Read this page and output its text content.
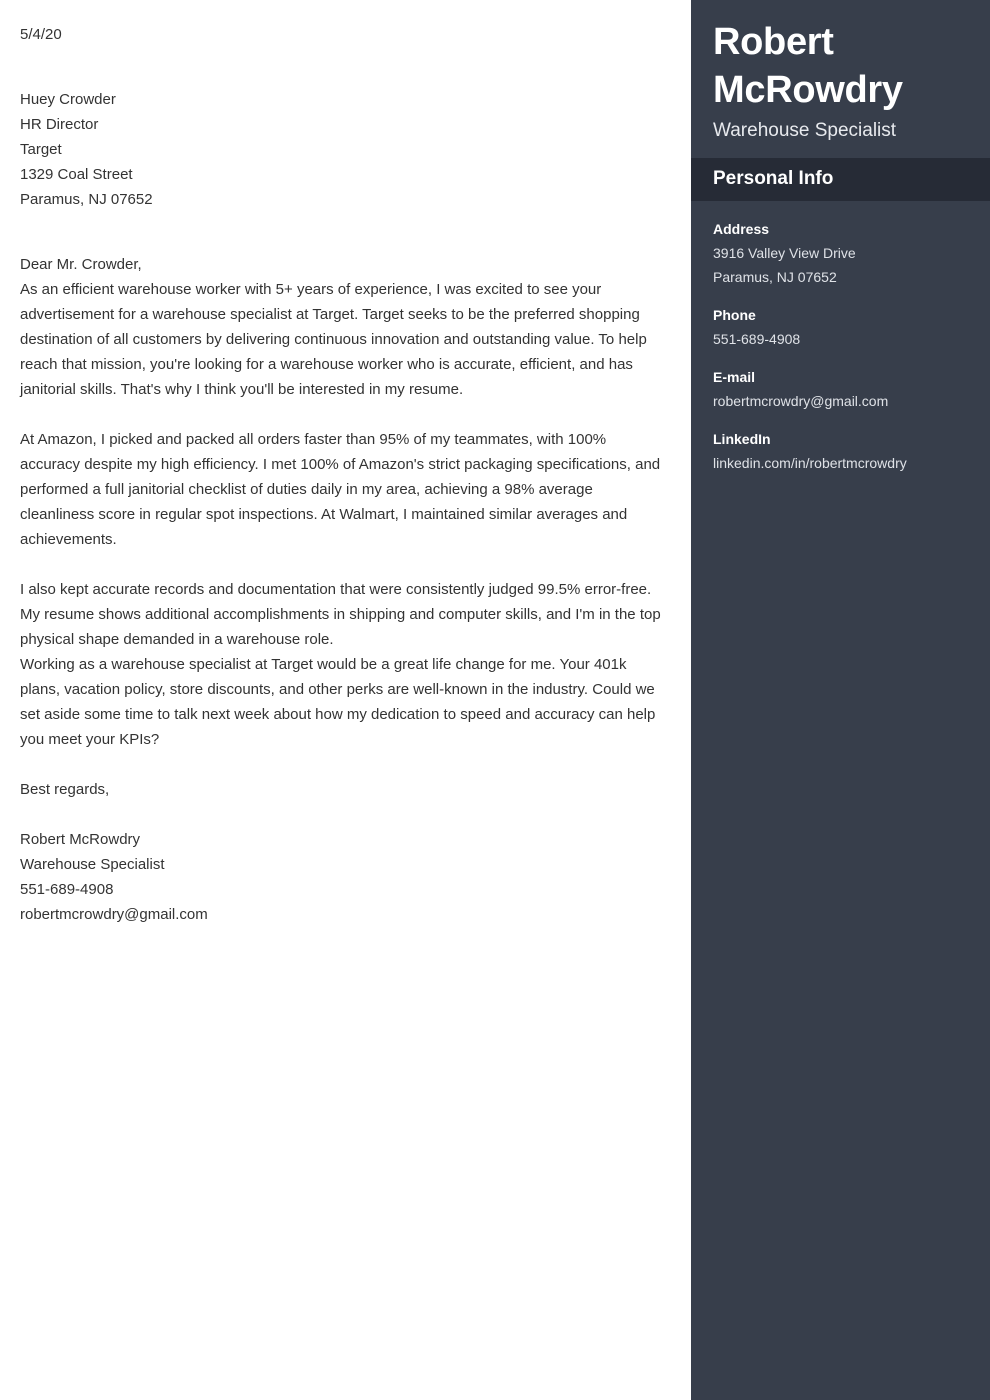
5/4/20
Huey Crowder
HR Director
Target
1329 Coal Street
Paramus, NJ 07652
Dear Mr. Crowder,

As an efficient warehouse worker with 5+ years of experience, I was excited to see your advertisement for a warehouse specialist at Target. Target seeks to be the preferred shopping destination of all customers by delivering continuous innovation and outstanding value. To help reach that mission, you're looking for a warehouse worker who is accurate, efficient, and has janitorial skills. That's why I think you'll be interested in my resume.

At Amazon, I picked and packed all orders faster than 95% of my teammates, with 100% accuracy despite my high efficiency. I met 100% of Amazon's strict packaging specifications, and performed a full janitorial checklist of duties daily in my area, achieving a 98% average cleanliness score in regular spot inspections. At Walmart, I maintained similar averages and achievements.

I also kept accurate records and documentation that were consistently judged 99.5% error-free. My resume shows additional accomplishments in shipping and computer skills, and I'm in the top physical shape demanded in a warehouse role.

Working as a warehouse specialist at Target would be a great life change for me. Your 401k plans, vacation policy, store discounts, and other perks are well-known in the industry. Could we set aside some time to talk next week about how my dedication to speed and accuracy can help you meet your KPIs?

Best regards,
Robert McRowdry
Warehouse Specialist
551-689-4908
robertmcrowdry@gmail.com
Robert McRowdry
Warehouse Specialist
Personal Info
Address
3916 Valley View Drive
Paramus, NJ 07652
Phone
551-689-4908
E-mail
robertmcrowdry@gmail.com
LinkedIn
linkedin.com/in/robertmcrowdry
